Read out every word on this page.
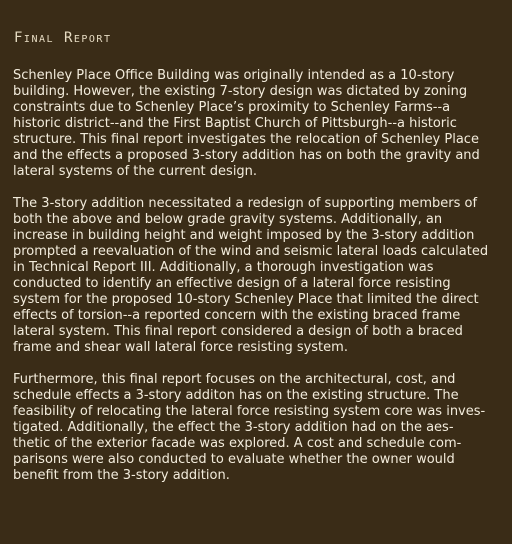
Final Report

Schenley Place Office Building was originally intended as a 10-story
building. However, the existing 7-story design was dictated by zoning
constraints due to Schenley Place’s proximity to Schenley Farms--a
historic district--and the First Baptist Church of Pittsburgh--a historic
structure. This final report investigates the relocation of Schenley Place
and the effects a proposed 3-story addition has on both the gravity and
lateral systems of the current design.

The 3-story addition necessitated a redesign of supporting members of
both the above and below grade gravity systems. Additionally, an
increase in building height and weight imposed by the 3-story addition
prompted a reevaluation of the wind and seismic lateral loads calculated
in Technical Report III. Additionally, a thorough investigation was
conducted to identify an effective design of a lateral force resisting
system for the proposed 10-story Schenley Place that limited the direct
effects of torsion--a reported concern with the existing braced frame
lateral system. This final report considered a design of both a braced
frame and shear wall lateral force resisting system.

Furthermore, this final report focuses on the architectural, cost, and
schedule effects a 3-story additon has on the existing structure. The
feasibility of relocating the lateral force resisting system core was inves-
tigated. Additionally, the effect the 3-story addition had on the aes-
thetic of the exterior facade was explored. A cost and schedule com-
parisons were also conducted to evaluate whether the owner would
benefit from the 3-story addition.
